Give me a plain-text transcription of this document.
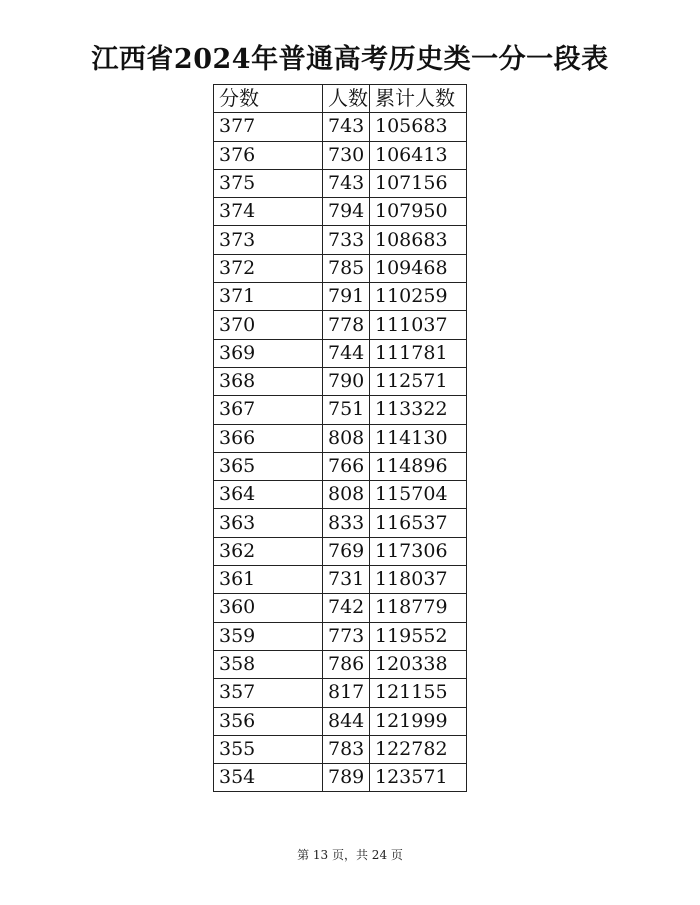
江西省2024年普通高考历史类一分一段表
分数	人数	累计人数
377	743	105683
376	730	106413
375	743	107156
374	794	107950
373	733	108683
372	785	109468
371	791	110259
370	778	111037
369	744	111781
368	790	112571
367	751	113322
366	808	114130
365	766	114896
364	808	115704
363	833	116537
362	769	117306
361	731	118037
360	742	118779
359	773	119552
358	786	120338
357	817	121155
356	844	121999
355	783	122782
354	789	123571
第 13 页，共 24 页
